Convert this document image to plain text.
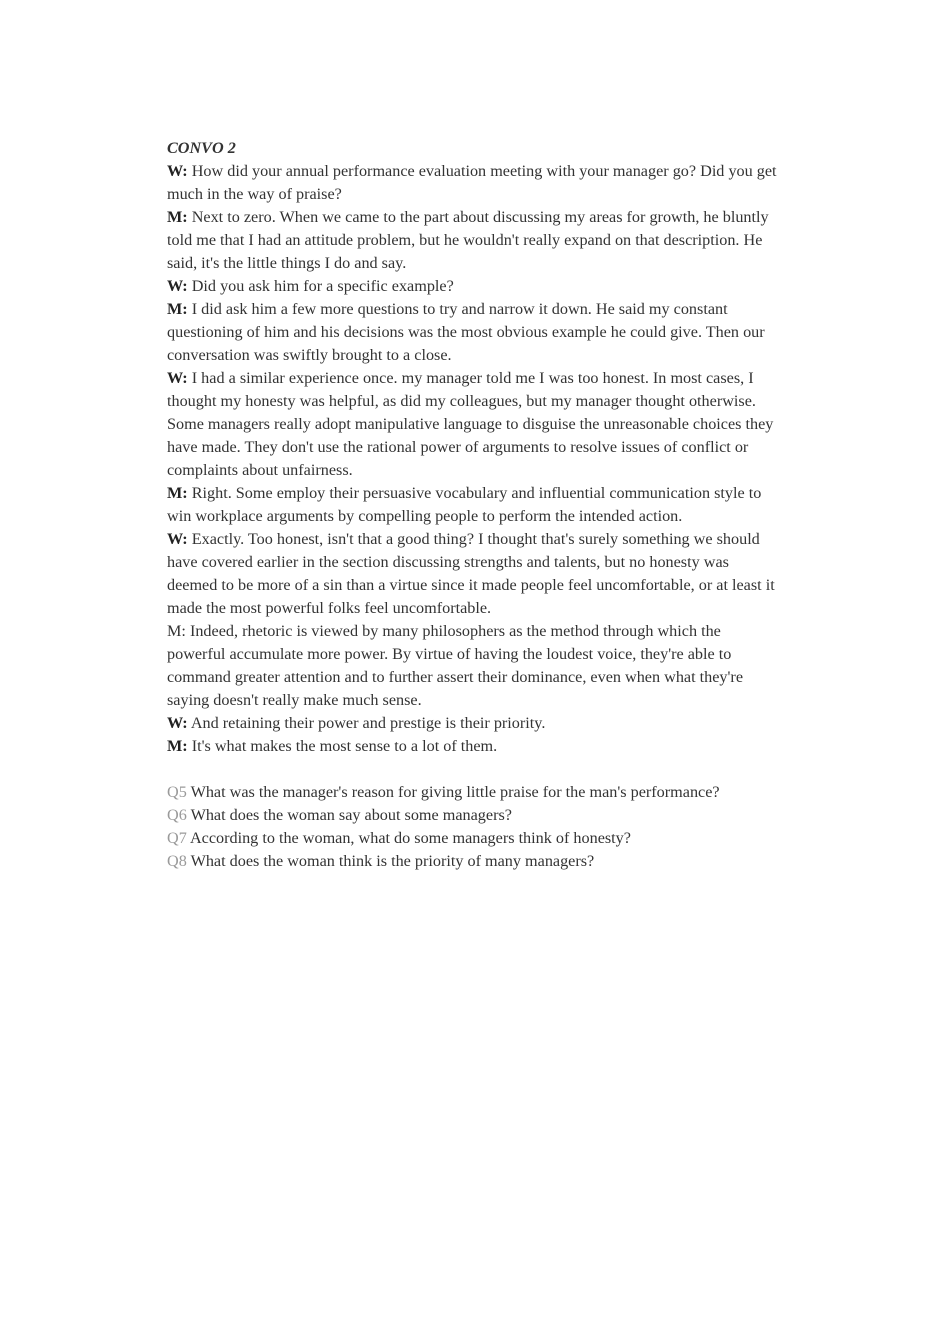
CONVO 2

W: How did your annual performance evaluation meeting with your manager go? Did you get much in the way of praise?

M: Next to zero. When we came to the part about discussing my areas for growth, he bluntly told me that I had an attitude problem, but he wouldn't really expand on that description. He said, it's the little things I do and say.

W: Did you ask him for a specific example?

M: I did ask him a few more questions to try and narrow it down. He said my constant questioning of him and his decisions was the most obvious example he could give. Then our conversation was swiftly brought to a close.

W: I had a similar experience once. my manager told me I was too honest. In most cases, I thought my honesty was helpful, as did my colleagues, but my manager thought otherwise. Some managers really adopt manipulative language to disguise the unreasonable choices they have made. They don't use the rational power of arguments to resolve issues of conflict or complaints about unfairness.

M: Right. Some employ their persuasive vocabulary and influential communication style to win workplace arguments by compelling people to perform the intended action.

W: Exactly. Too honest, isn't that a good thing? I thought that's surely something we should have covered earlier in the section discussing strengths and talents, but no honesty was deemed to be more of a sin than a virtue since it made people feel uncomfortable, or at least it made the most powerful folks feel uncomfortable.

M: Indeed, rhetoric is viewed by many philosophers as the method through which the powerful accumulate more power. By virtue of having the loudest voice, they're able to command greater attention and to further assert their dominance, even when what they're saying doesn't really make much sense.

W: And retaining their power and prestige is their priority.

M: It's what makes the most sense to a lot of them.

Q5 What was the manager's reason for giving little praise for the man's performance?

Q6 What does the woman say about some managers?

Q7 According to the woman, what do some managers think of honesty?

Q8 What does the woman think is the priority of many managers?
